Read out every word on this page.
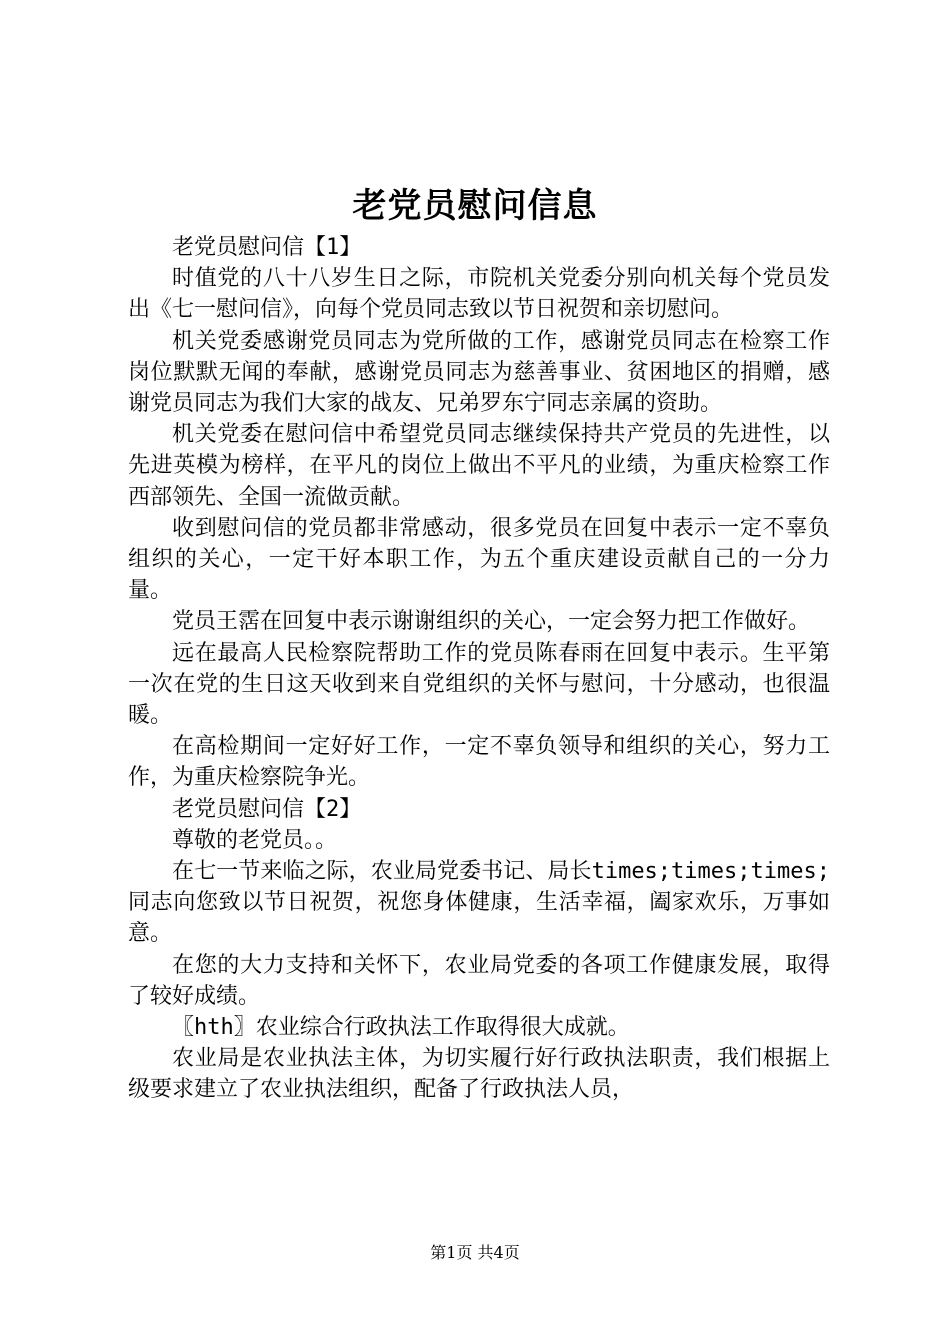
老党员慰问信息

老党员慰问信【1】

时值党的八十八岁生日之际，市院机关党委分别向机关每个党员发出《七一慰问信》，向每个党员同志致以节日祝贺和亲切慰问。

机关党委感谢党员同志为党所做的工作，感谢党员同志在检察工作岗位默默无闻的奉献，感谢党员同志为慈善事业、贫困地区的捐赠，感谢党员同志为我们大家的战友、兄弟罗东宁同志亲属的资助。

机关党委在慰问信中希望党员同志继续保持共产党员的先进性，以先进英模为榜样，在平凡的岗位上做出不平凡的业绩，为重庆检察工作西部领先、全国一流做贡献。

收到慰问信的党员都非常感动，很多党员在回复中表示一定不辜负组织的关心，一定干好本职工作，为五个重庆建设贡献自己的一分力量。

党员王霑在回复中表示谢谢组织的关心，一定会努力把工作做好。

远在最高人民检察院帮助工作的党员陈春雨在回复中表示。生平第一次在党的生日这天收到来自党组织的关怀与慰问，十分感动，也很温暖。

在高检期间一定好好工作，一定不辜负领导和组织的关心，努力工作，为重庆检察院争光。

老党员慰问信【2】

尊敬的老党员。。

在七一节来临之际，农业局党委书记、局长times;times;times;同志向您致以节日祝贺，祝您身体健康，生活幸福，阖家欢乐，万事如意。

在您的大力支持和关怀下，农业局党委的各项工作健康发展，取得了较好成绩。

〖hth〗农业综合行政执法工作取得很大成就。

农业局是农业执法主体，为切实履行好行政执法职责，我们根据上级要求建立了农业执法组织，配备了行政执法人员，

第1页 共4页
